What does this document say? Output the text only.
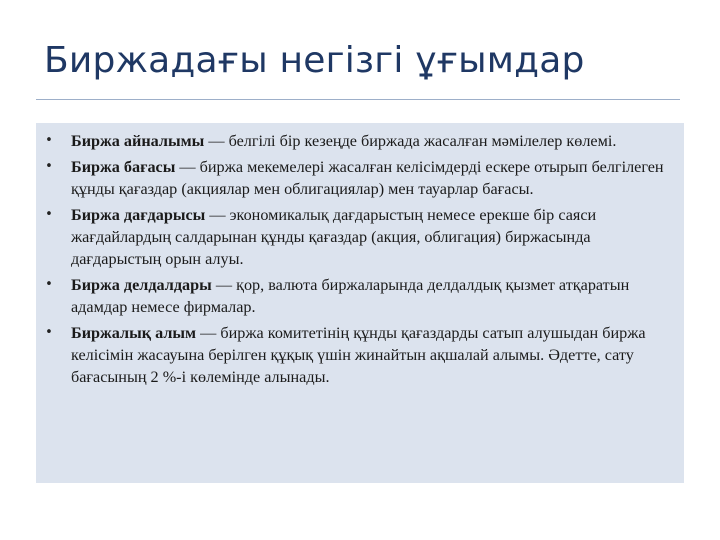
Биржадағы негізгі ұғымдар
• Биржа айналымы — белгілі бір кезеңде биржада жасалған мәмілелер көлемі.
• Биржа бағасы — биржа мекемелері жасалған келісімдерді ескере отырып белгілеген құнды қағаздар (акциялар мен облигациялар) мен тауарлар бағасы.
• Биржа дағдарысы — экономикалық дағдарыстың немесе ерекше бір саяси жағдайлардың салдарынан құнды қағаздар (акция, облигация) биржасында дағдарыстың орын алуы.
• Биржа делдалдары — қор, валюта биржаларында делдалдық қызмет атқаратын адамдар немесе фирмалар.
• Биржалық алым — биржа комитетінің құнды қағаздарды сатып алушыдан биржа келісімін жасауына берілген құқық үшін жинайтын ақшалай алымы. Әдетте, сату бағасының 2 %-і көлемінде алынады.
